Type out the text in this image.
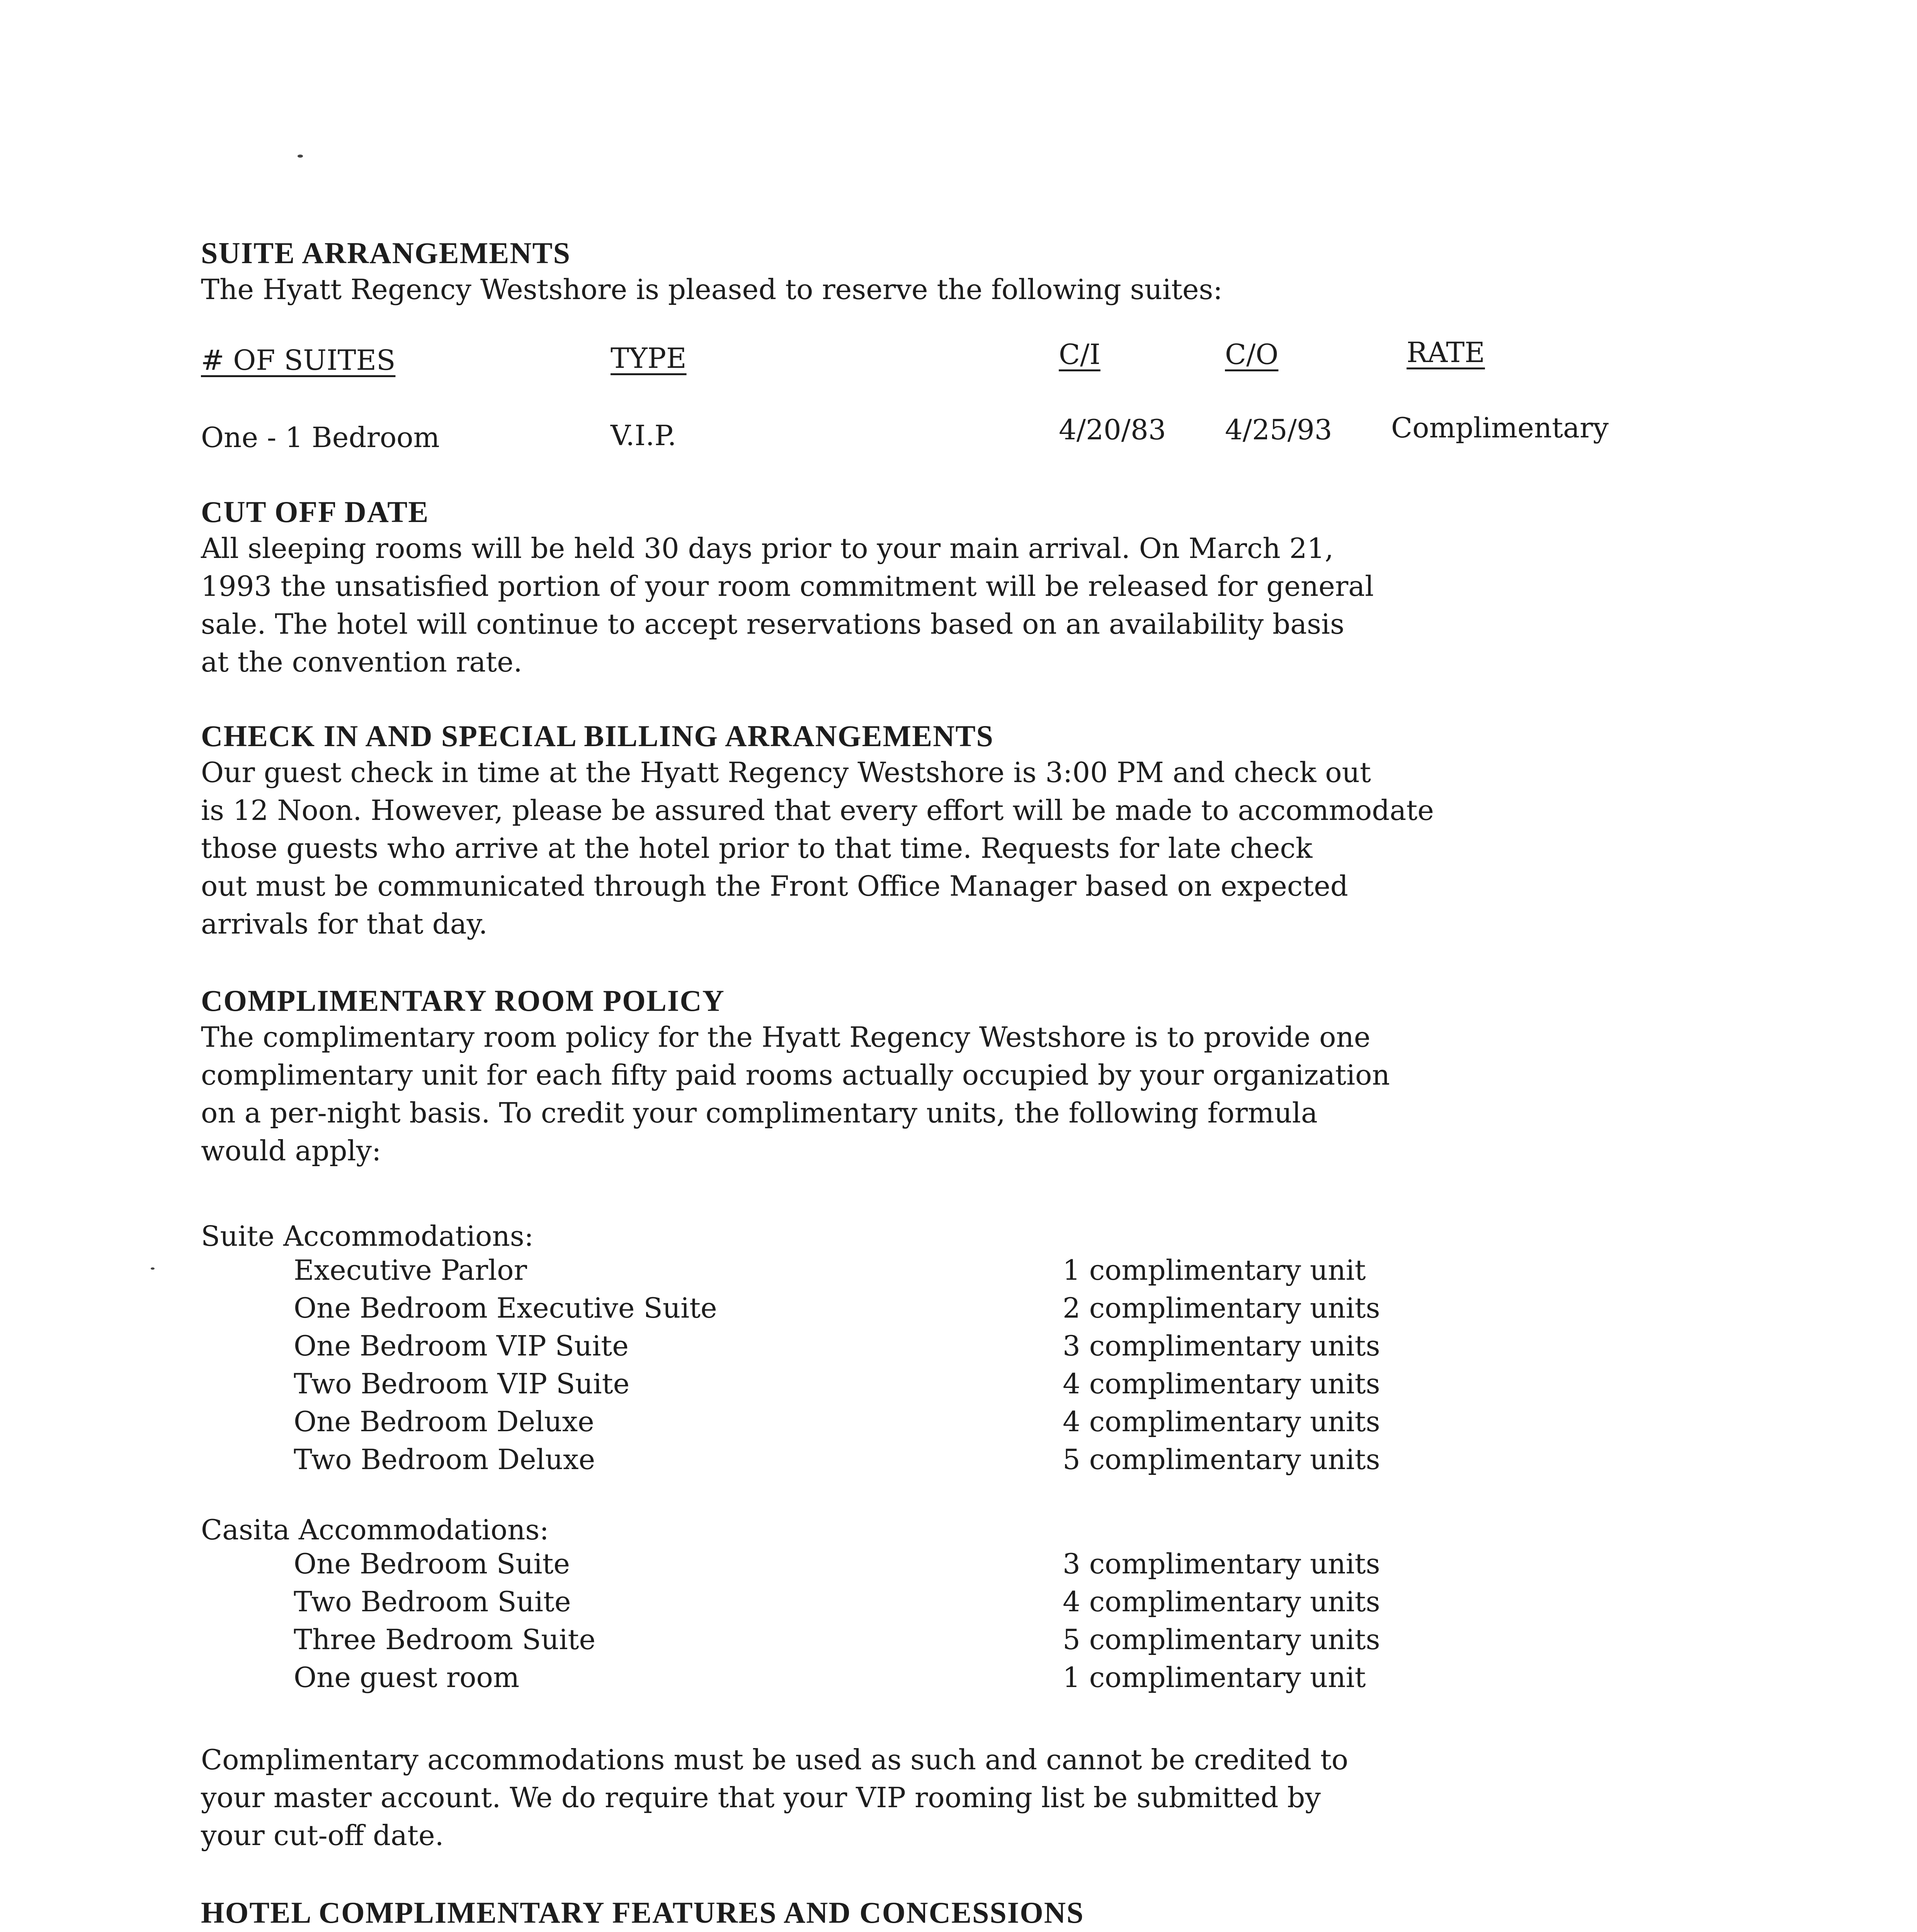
SUITE ARRANGEMENTS
The Hyatt Regency Westshore is pleased to reserve the following suites:
# OF SUITES	TYPE	C/I	C/O	RATE
One - 1 Bedroom	V.I.P.	4/20/83 4/25/93 Complimentary
CUT OFF DATE
All sleeping rooms will be held 30 days prior to your main arrival. On March 21,
1993 the unsatisfied portion of your room commitment will be released for general
sale. The hotel will continue to accept reservations based on an availability basis
at the convention rate.
CHECK IN AND SPECIAL BILLING ARRANGEMENTS
Our guest check in time at the Hyatt Regency Westshore is 3:00 PM and check out
is 12 Noon. However, please be assured that every effort will be made to accommodate
those guests who arrive at the hotel prior to that time. Requests for late check
out must be communicated through the Front Office Manager based on expected
arrivals for that day.
COMPLIMENTARY ROOM POLICY
The complimentary room policy for the Hyatt Regency Westshore is to provide one
complimentary unit for each fifty paid rooms actually occupied by your organization
on a per-night basis. To credit your complimentary units, the following formula
would apply:
Suite Accommodations:
Executive Parlor	1 complimentary unit
One Bedroom Executive Suite	2 complimentary units
One Bedroom VIP Suite	3 complimentary units
Two Bedroom VIP Suite	4 complimentary units
One Bedroom Deluxe	4 complimentary units
Two Bedroom Deluxe	5 complimentary units
Casita Accommodations:
One Bedroom Suite	3 complimentary units
Two Bedroom Suite	4 complimentary units
Three Bedroom Suite	5 complimentary units
One guest room	1 complimentary unit
Complimentary accommodations must be used as such and cannot be credited to
your master account. We do require that your VIP rooming list be submitted by
your cut-off date.
HOTEL COMPLIMENTARY FEATURES AND CONCESSIONS
